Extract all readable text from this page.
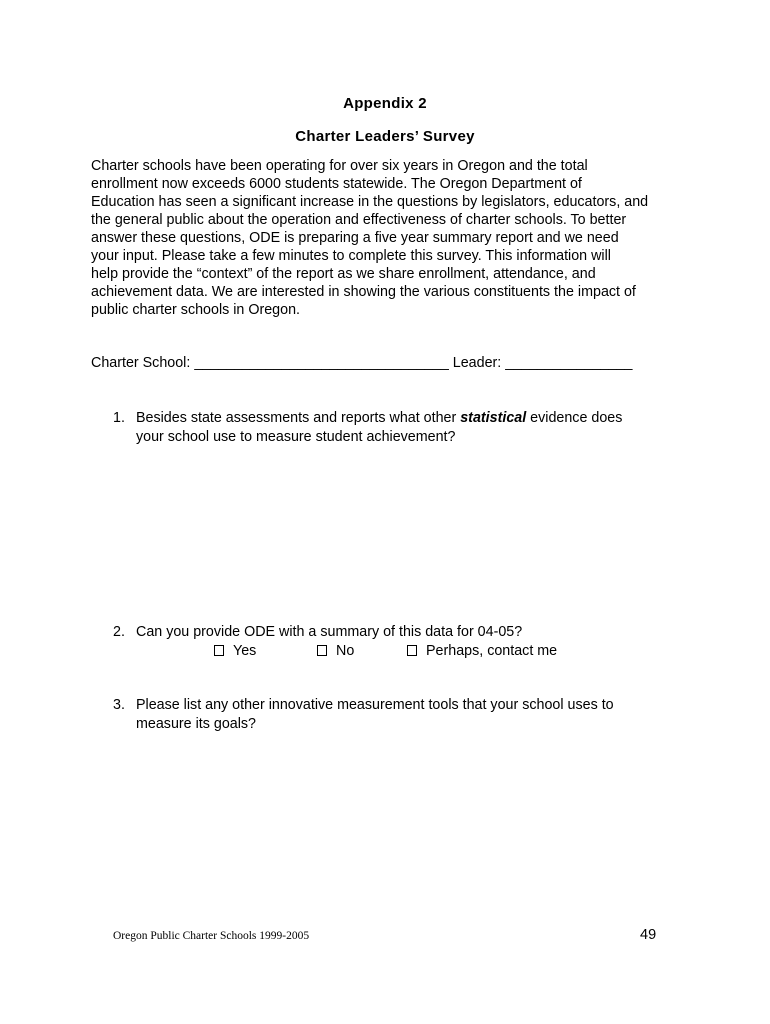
Appendix 2
Charter Leaders’ Survey
Charter schools have been operating for over six years in Oregon and the total
enrollment now exceeds 6000 students statewide. The Oregon Department of
Education has seen a significant increase in the questions by legislators, educators, and
the general public about the operation and effectiveness of charter schools. To better
answer these questions, ODE is preparing a five year summary report and we need
your input. Please take a few minutes to complete this survey. This information will
help provide the “context” of the report as we share enrollment, attendance, and
achievement data. We are interested in showing the various constituents the impact of
public charter schools in Oregon.
Charter School: ________________________________ Leader: ________________
1. Besides state assessments and reports what other statistical evidence does
your school use to measure student achievement?
2. Can you provide ODE with a summary of this data for 04-05?
Yes	No	Perhaps, contact me
3. Please list any other innovative measurement tools that your school uses to
measure its goals?
Oregon Public Charter Schools 1999-2005	49
